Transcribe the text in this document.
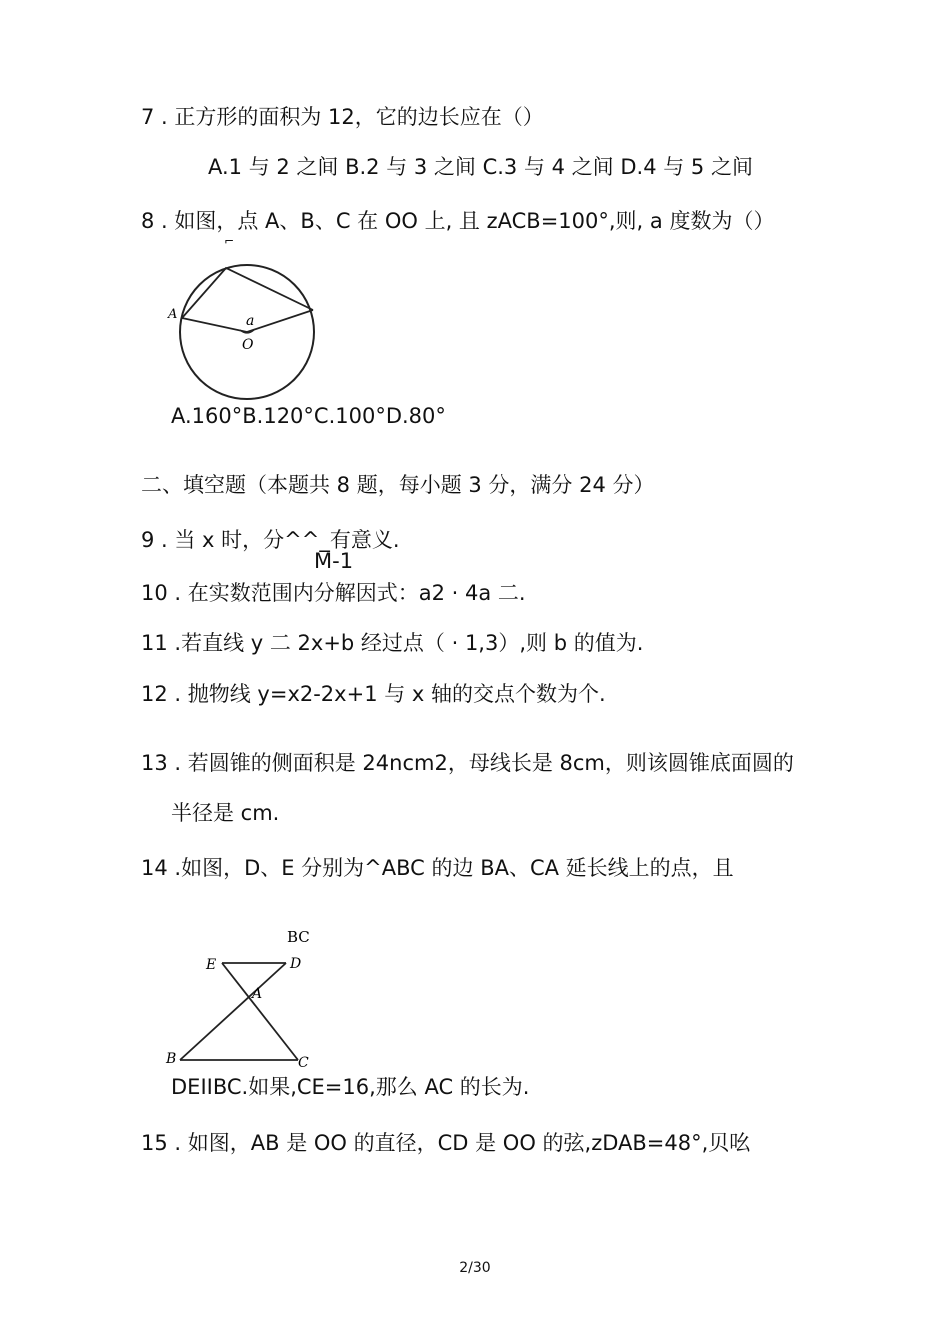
7 . 正方形的面积为 12，它的边长应在（）
A.1 与 2 之间 B.2 与 3 之间 C.3 与 4 之间 D.4 与 5 之间
8 . 如图，点 A、B、C 在 OO 上, 且 zACB=100°,则, a 度数为（）
⌐
A	a
O
A.160°B.120°C.100°D.80°
二、填空题（本题共 8 题，每小题 3 分，满分 24 分）
9 . 当 x 时，分^^_有意义.
M-1
10 . 在实数范围内分解因式：a2 · 4a 二.
11 .若直线 y 二 2x+b 经过点（ · 1,3）,则 b 的值为.
12 . 抛物线 y=x2-2x+1 与 x 轴的交点个数为个.
13 . 若圆锥的侧面积是 24ncm2，母线长是 8cm，则该圆锥底面圆的
半径是 cm.
14 .如图，D、E 分别为^ABC 的边 BA、CA 延长线上的点，且
BC
E	D
A
B	C
DEIIBC.如果,CE=16,那么 AC 的长为.
15 . 如图，AB 是 OO 的直径，CD 是 OO 的弦,zDAB=48°,贝吆
2/30
